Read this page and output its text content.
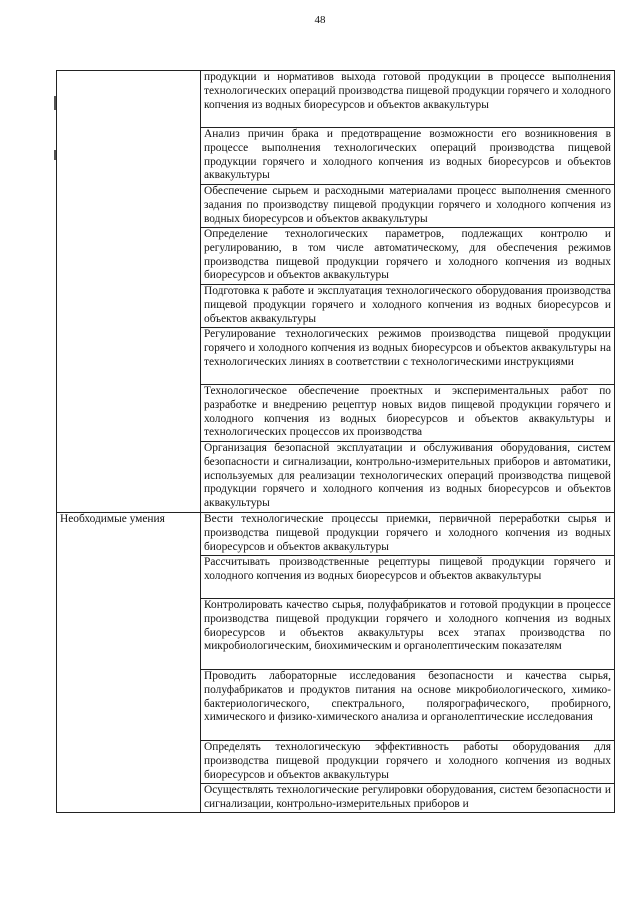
48

	продукции и нормативов выхода готовой продукции в процессе выполнения технологических операций производства пищевой продукции горячего и холодного копчения из водных биоресурсов и объектов аквакультуры

	Анализ причин брака и предотвращение возможности его возникновения в процессе выполнения технологических операций производства пищевой продукции горячего и холодного копчения из водных биоресурсов и объектов аквакультуры

	Обеспечение сырьем и расходными материалами процесс выполнения сменного задания по производству пищевой продукции горячего и холодного копчения из водных биоресурсов и объектов аквакультуры

	Определение технологических параметров, подлежащих контролю и регулированию, в том числе автоматическому, для обеспечения режимов производства пищевой продукции горячего и холодного копчения из водных биоресурсов и объектов аквакультуры

	Подготовка к работе и эксплуатация технологического оборудования производства пищевой продукции горячего и холодного копчения из водных биоресурсов и объектов аквакультуры

	Регулирование технологических режимов производства пищевой продукции горячего и холодного копчения из водных биоресурсов и объектов аквакультуры на технологических линиях в соответствии с технологическими инструкциями

	Технологическое обеспечение проектных и экспериментальных работ по разработке и внедрению рецептур новых видов пищевой продукции горячего и холодного копчения из водных биоресурсов и объектов аквакультуры и технологических процессов их производства

	Организация безопасной эксплуатации и обслуживания оборудования, систем безопасности и сигнализации, контрольно-измерительных приборов и автоматики, используемых для реализации технологических операций производства пищевой продукции горячего и холодного копчения из водных биоресурсов и объектов аквакультуры

Необходимые умения	Вести технологические процессы приемки, первичной переработки сырья и производства пищевой продукции горячего и холодного копчения из водных биоресурсов и объектов аквакультуры

	Рассчитывать производственные рецептуры пищевой продукции горячего и холодного копчения из водных биоресурсов и объектов аквакультуры

	Контролировать качество сырья, полуфабрикатов и готовой продукции в процессе производства пищевой продукции горячего и холодного копчения из водных биоресурсов и объектов аквакультуры всех этапах производства по микробиологическим, биохимическим и органолептическим показателям

	Проводить лабораторные исследования безопасности и качества сырья, полуфабрикатов и продуктов питания на основе микробиологического, химико-бактериологического, спектрального, полярографического, пробирного, химического и физико-химического анализа и органолептические исследования

	Определять технологическую эффективность работы оборудования для производства пищевой продукции горячего и холодного копчения из водных биоресурсов и объектов аквакультуры

	Осуществлять технологические регулировки оборудования, систем безопасности и сигнализации, контрольно-измерительных приборов и
